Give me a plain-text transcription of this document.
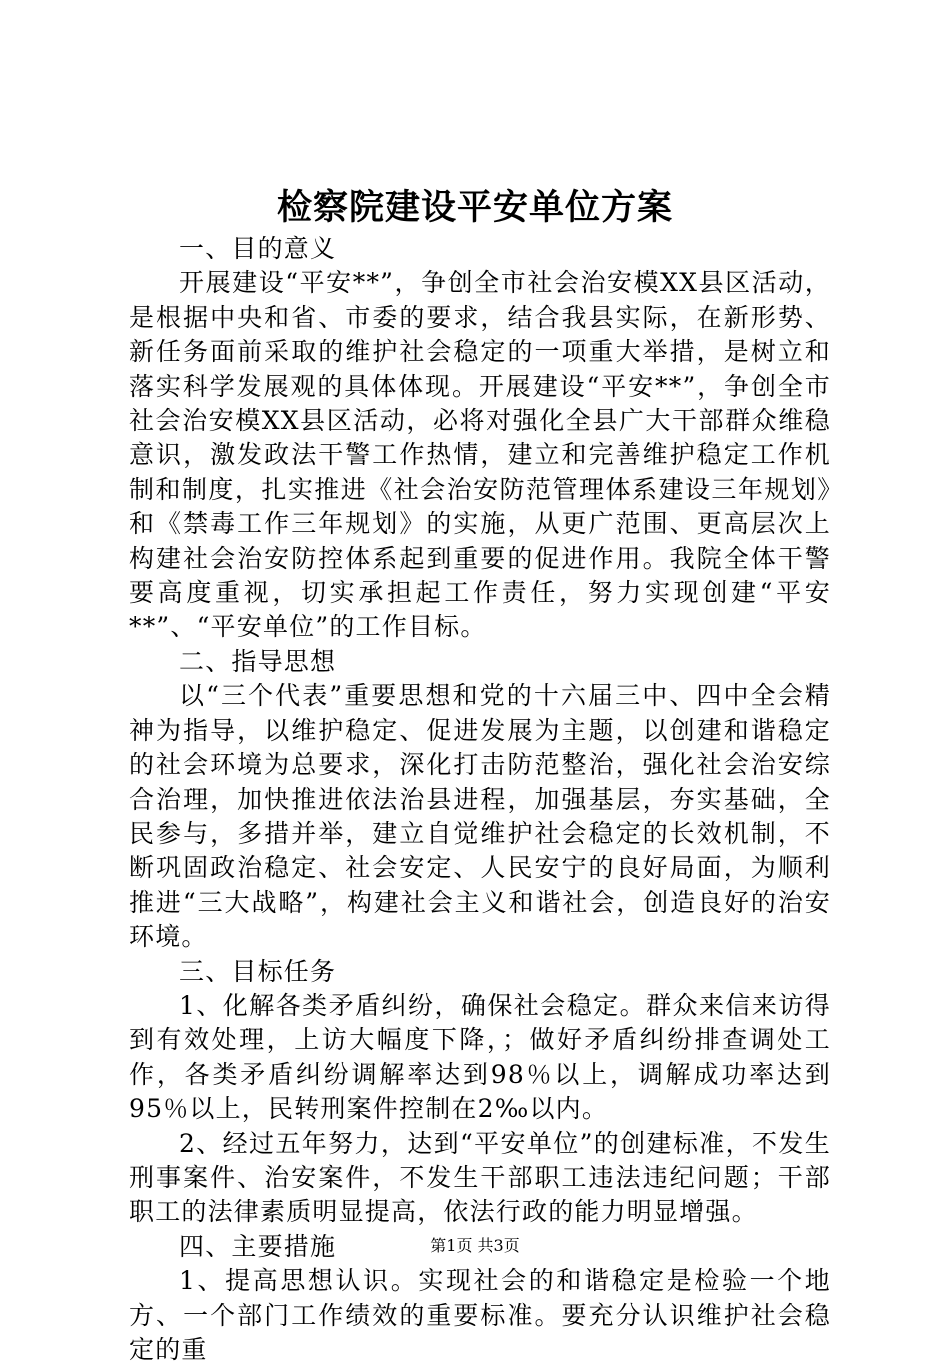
检察院建设平安单位方案

一、目的意义

开展建设“平安**”，争创全市社会治安模XX县区活动，是根据中央和省、市委的要求，结合我县实际，在新形势、新任务面前采取的维护社会稳定的一项重大举措，是树立和落实科学发展观的具体体现。开展建设“平安**”，争创全市社会治安模XX县区活动，必将对强化全县广大干部群众维稳意识，激发政法干警工作热情，建立和完善维护稳定工作机制和制度，扎实推进《社会治安防范管理体系建设三年规划》和《禁毒工作三年规划》的实施，从更广范围、更高层次上构建社会治安防控体系起到重要的促进作用。我院全体干警要高度重视，切实承担起工作责任，努力实现创建“平安**”、“平安单位”的工作目标。

二、指导思想

以“三个代表”重要思想和党的十六届三中、四中全会精神为指导，以维护稳定、促进发展为主题，以创建和谐稳定的社会环境为总要求，深化打击防范整治，强化社会治安综合治理，加快推进依法治县进程，加强基层，夯实基础，全民参与，多措并举，建立自觉维护社会稳定的长效机制，不断巩固政治稳定、社会安定、人民安宁的良好局面，为顺利推进“三大战略”，构建社会主义和谐社会，创造良好的治安环境。

三、目标任务

1、化解各类矛盾纠纷，确保社会稳定。群众来信来访得到有效处理，上访大幅度下降，；做好矛盾纠纷排查调处工作，各类矛盾纠纷调解率达到98％以上，调解成功率达到95％以上，民转刑案件控制在2‰以内。

2、经过五年努力，达到“平安单位”的创建标准，不发生刑事案件、治安案件，不发生干部职工违法违纪问题；干部职工的法律素质明显提高，依法行政的能力明显增强。

四、主要措施

1、提高思想认识。实现社会的和谐稳定是检验一个地方、一个部门工作绩效的重要标准。要充分认识维护社会稳定的重

第1页 共3页
